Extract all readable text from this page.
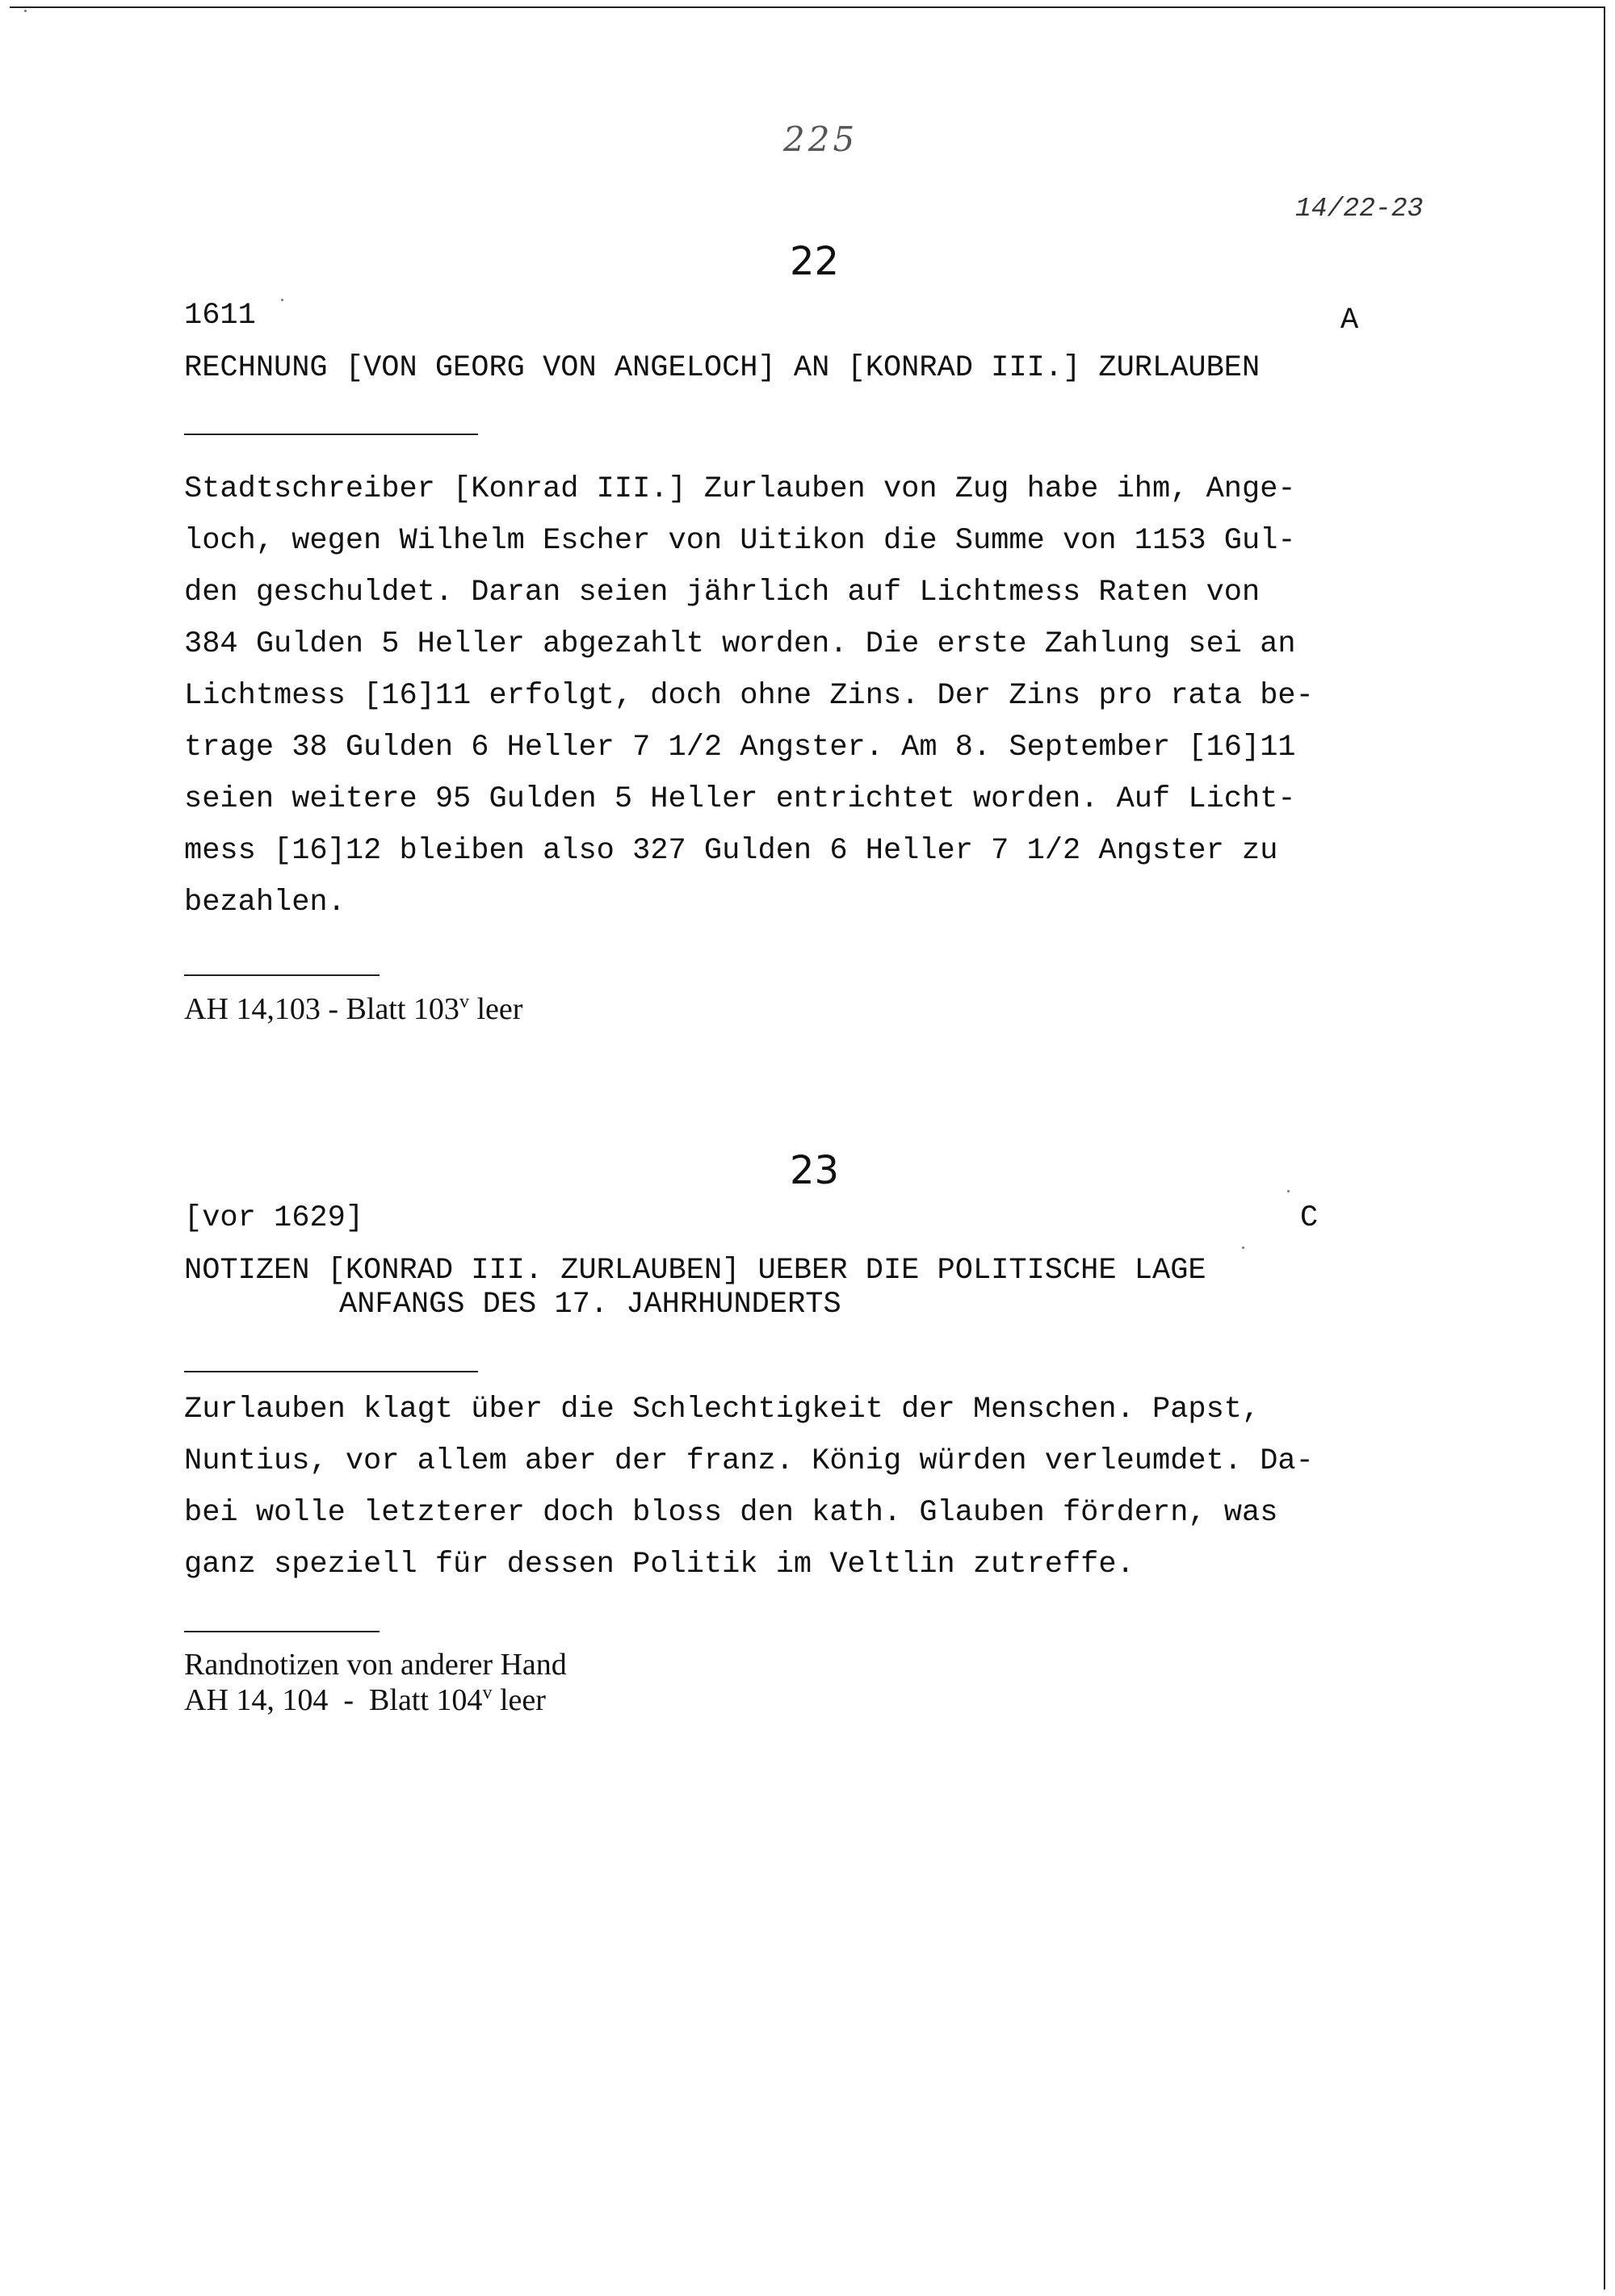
225
14/22-23
22
1611	A
RECHNUNG [VON GEORG VON ANGELOCH] AN [KONRAD III.] ZURLAUBEN
Stadtschreiber [Konrad III.] Zurlauben von Zug habe ihm, Ange-
loch, wegen Wilhelm Escher von Uitikon die Summe von 1153 Gul-
den geschuldet. Daran seien jährlich auf Lichtmess Raten von
384 Gulden 5 Heller abgezahlt worden. Die erste Zahlung sei an
Lichtmess [16]11 erfolgt, doch ohne Zins. Der Zins pro rata be-
trage 38 Gulden 6 Heller 7 1/2 Angster. Am 8. September [16]11
seien weitere 95 Gulden 5 Heller entrichtet worden. Auf Licht-
mess [16]12 bleiben also 327 Gulden 6 Heller 7 1/2 Angster zu
bezahlen.
AH 14,103 - Blatt 103$^v$ leer
23
[vor 1629]	C
NOTIZEN [KONRAD III. ZURLAUBEN] UEBER DIE POLITISCHE LAGE
ANFANGS DES 17. JAHRHUNDERTS
Zurlauben klagt über die Schlechtigkeit der Menschen. Papst,
Nuntius, vor allem aber der franz. König würden verleumdet. Da-
bei wolle letzterer doch bloss den kath. Glauben fördern, was
ganz speziell für dessen Politik im Veltlin zutreffe.
Randnotizen von anderer Hand
AH 14, 104  -  Blatt 104$^v$ leer
